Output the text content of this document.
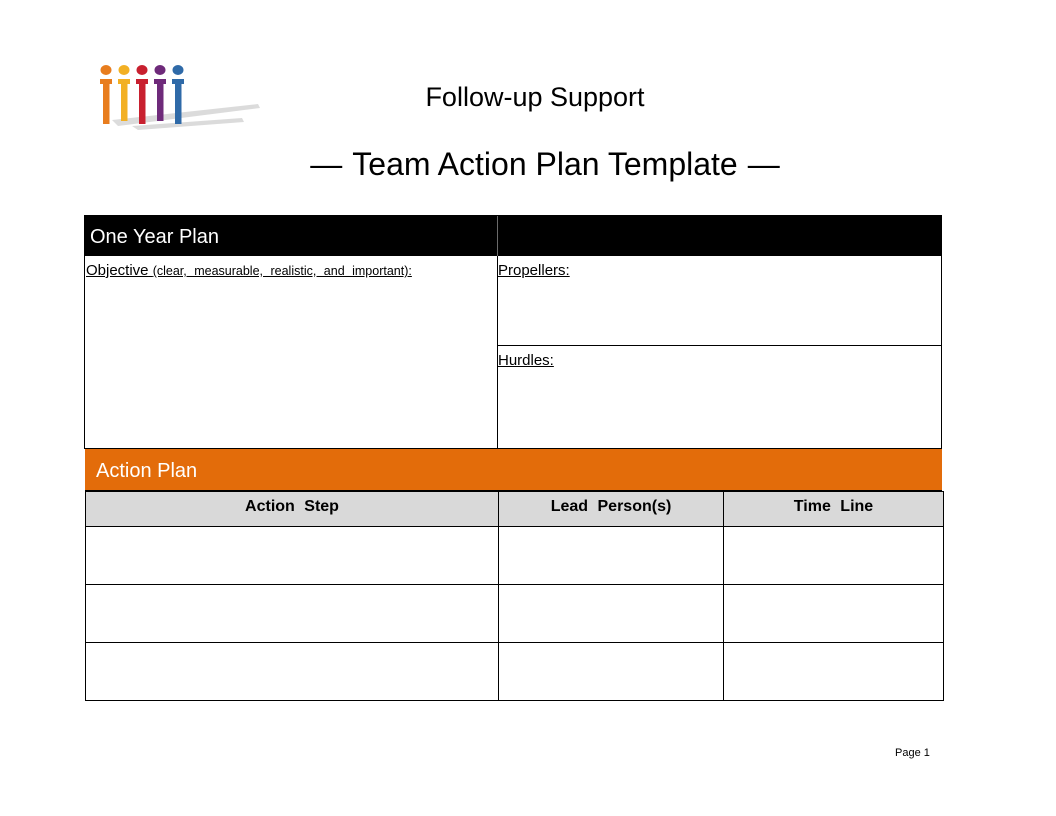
Follow-up Support
— Team Action Plan Template —
One Year Plan
Objective (clear, measurable, realistic, and important):	Propellers:
Hurdles:
Action Plan
Action Step	Lead Person(s)	Time Line

Page 1
